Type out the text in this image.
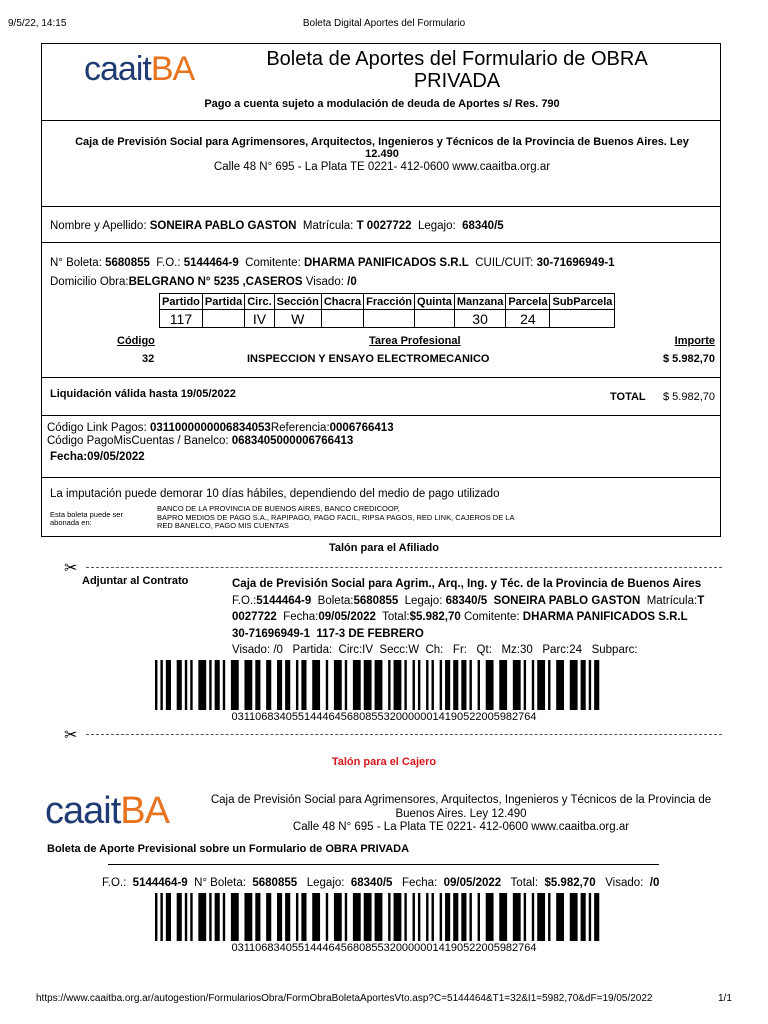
9/5/22, 14:15	Boleta Digital Aportes del Formulario
caaitBA	Boleta de Aportes del Formulario de OBRA
PRIVADA
Pago a cuenta sujeto a modulación de deuda de Aportes s/ Res. 790
Caja de Previsión Social para Agrimensores, Arquitectos, Ingenieros y Técnicos de la Provincia de Buenos Aires. Ley
12.490
Calle 48 N° 695 - La Plata TE 0221- 412-0600 www.caaitba.org.ar
Nombre y Apellido: SONEIRA PABLO GASTON Matrícula: T 0027722 Legajo: 68340/5
N° Boleta: 5680855 F.O.: 5144464-9 Comitente: DHARMA PANIFICADOS S.R.L CUIL/CUIT: 30-71696949-1
Domicilio Obra:BELGRANO N° 5235 ,CASEROS Visado: /0
Partido	Partida	Circ.	Sección	Chacra	Fracción	Quinta	Manzana	Parcela	SubParcela
117		IV	W				30	24	
Código	Tarea Profesional	Importe
32	INSPECCION Y ENSAYO ELECTROMECANICO	$ 5.982,70
Liquidación válida hasta 19/05/2022	TOTAL $ 5.982,70
Código Link Pagos: 0311000000006834053Referencia:0006766413
Código PagoMisCuentas / Banelco: 0683405000006766413
Fecha:09/05/2022
La imputación puede demorar 10 días hábiles, dependiendo del medio de pago utilizado
Esta boleta puede ser
abonada en:
BANCO DE LA PROVINCIA DE BUENOS AIRES, BANCO CREDICOOP,
BAPRO MEDIOS DE PAGO S.A., RAPIPAGO, PAGO FACIL, RIPSA PAGOS, RED LINK, CAJEROS DE LA
RED BANELCO, PAGO MIS CUENTAS
Talón para el Afiliado
✂
Adjuntar al Contrato	Caja de Previsión Social para Agrim., Arq., Ing. y Téc. de la Provincia de Buenos Aires
F.O.:5144464-9 Boleta:5680855 Legajo: 68340/5 SONEIRA PABLO GASTON Matrícula:T
0027722 Fecha:09/05/2022 Total:$5.982,70 Comitente: DHARMA PANIFICADOS S.R.L
30-71696949-1 117-3 DE FEBRERO
Visado: /0   Partida:  Circ:IV  Secc:W  Ch:   Fr:   Qt:   Mz:30   Parc:24   Subparc:
03110683405514446456808553200000014190522005982764
✂
Talón para el Cajero
caaitBA	Caja de Previsión Social para Agrimensores, Arquitectos, Ingenieros y Técnicos de la Provincia de
Buenos Aires. Ley 12.490
Calle 48 N° 695 - La Plata TE 0221- 412-0600 www.caaitba.org.ar
Boleta de Aporte Previsional sobre un Formulario de OBRA PRIVADA
F.O.: 5144464-9 N° Boleta: 5680855 Legajo: 68340/5 Fecha: 09/05/2022 Total: $5.982,70 Visado: /0
03110683405514446456808553200000014190522005982764
https://www.caaitba.org.ar/autogestion/FormulariosObra/FormObraBoletaAportesVto.asp?C=5144464&T1=32&I1=5982,70&dF=19/05/2022	1/1
